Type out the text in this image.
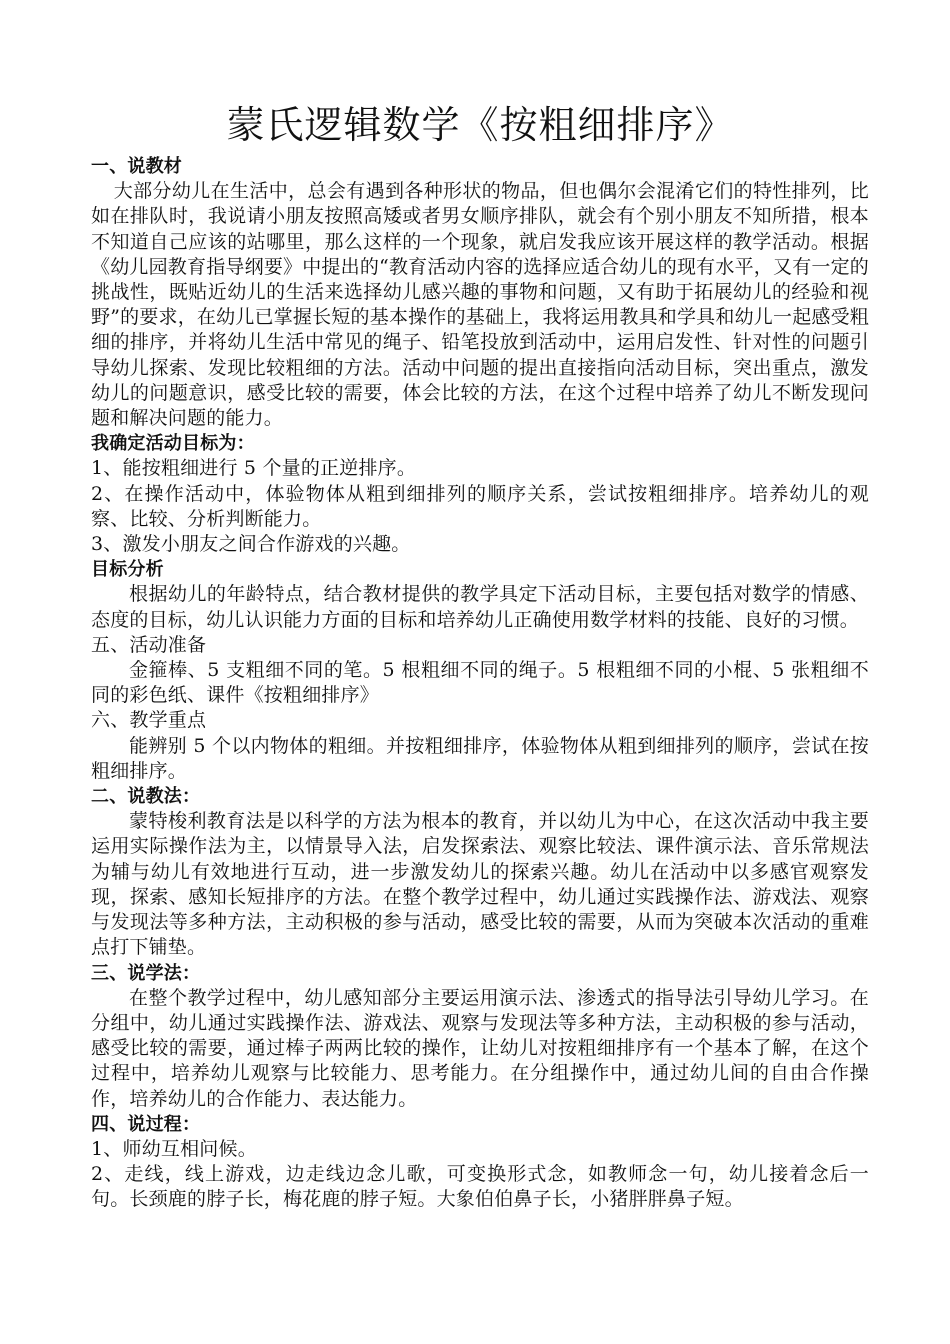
蒙氏逻辑数学《按粗细排序》

一、说教材

大部分幼儿在生活中，总会有遇到各种形状的物品，但也偶尔会混淆它们的特性排列，比如在排队时，我说请小朋友按照高矮或者男女顺序排队，就会有个别小朋友不知所措，根本不知道自己应该的站哪里，那么这样的一个现象，就启发我应该开展这样的教学活动。根据《幼儿园教育指导纲要》中提出的“教育活动内容的选择应适合幼儿的现有水平，又有一定的挑战性，既贴近幼儿的生活来选择幼儿感兴趣的事物和问题，又有助于拓展幼儿的经验和视野”的要求，在幼儿已掌握长短的基本操作的基础上，我将运用教具和学具和幼儿一起感受粗细的排序，并将幼儿生活中常见的绳子、铅笔投放到活动中，运用启发性、针对性的问题引导幼儿探索、发现比较粗细的方法。活动中问题的提出直接指向活动目标，突出重点，激发幼儿的问题意识，感受比较的需要，体会比较的方法，在这个过程中培养了幼儿不断发现问题和解决问题的能力。

我确定活动目标为：

1、能按粗细进行 5 个量的正逆排序。

2、在操作活动中，体验物体从粗到细排列的顺序关系，尝试按粗细排序。培养幼儿的观察、比较、分析判断能力。

3、激发小朋友之间合作游戏的兴趣。

目标分析

根据幼儿的年龄特点，结合教材提供的教学具定下活动目标，主要包括对数学的情感、态度的目标，幼儿认识能力方面的目标和培养幼儿正确使用数学材料的技能、良好的习惯。

五、活动准备

金箍棒、5 支粗细不同的笔。5 根粗细不同的绳子。5 根粗细不同的小棍、5 张粗细不同的彩色纸、课件《按粗细排序》

六、教学重点

能辨别 5 个以内物体的粗细。并按粗细排序，体验物体从粗到细排列的顺序，尝试在按粗细排序。

二、说教法：

蒙特梭利教育法是以科学的方法为根本的教育，并以幼儿为中心，在这次活动中我主要运用实际操作法为主，以情景导入法，启发探索法、观察比较法、课件演示法、音乐常规法为辅与幼儿有效地进行互动，进一步激发幼儿的探索兴趣。幼儿在活动中以多感官观察发现，探索、感知长短排序的方法。在整个教学过程中，幼儿通过实践操作法、游戏法、观察与发现法等多种方法，主动积极的参与活动，感受比较的需要，从而为突破本次活动的重难点打下铺垫。

三、说学法：

在整个教学过程中，幼儿感知部分主要运用演示法、渗透式的指导法引导幼儿学习。在分组中，幼儿通过实践操作法、游戏法、观察与发现法等多种方法，主动积极的参与活动，感受比较的需要，通过棒子两两比较的操作，让幼儿对按粗细排序有一个基本了解，在这个过程中，培养幼儿观察与比较能力、思考能力。在分组操作中，通过幼儿间的自由合作操作，培养幼儿的合作能力、表达能力。

四、说过程：

1、师幼互相问候。

2、走线，线上游戏，边走线边念儿歌，可变换形式念，如教师念一句，幼儿接着念后一句。长颈鹿的脖子长，梅花鹿的脖子短。大象伯伯鼻子长，小猪胖胖鼻子短。
